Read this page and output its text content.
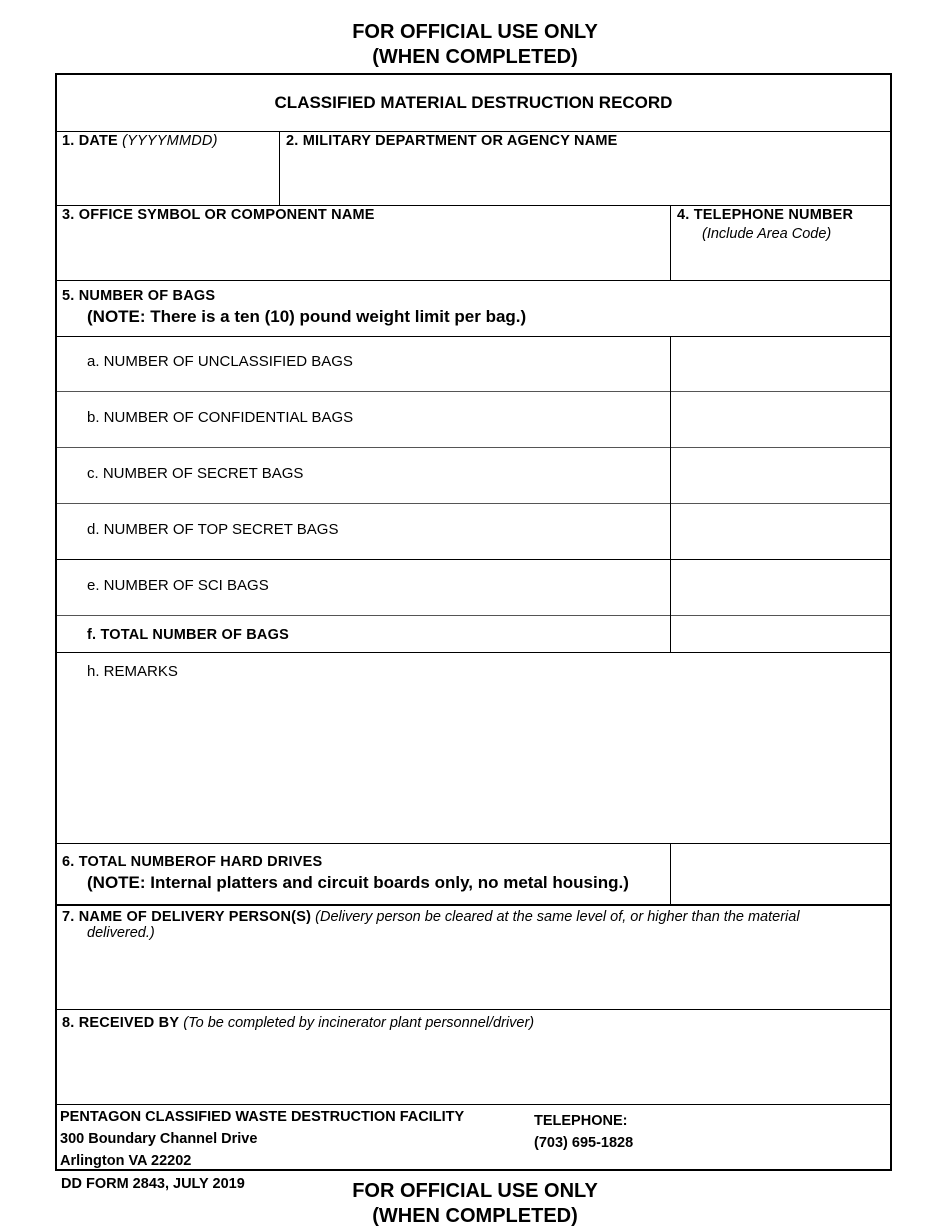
FOR OFFICIAL USE ONLY
(WHEN COMPLETED)
CLASSIFIED MATERIAL DESTRUCTION RECORD
1. DATE (YYYYMMDD)	2. MILITARY DEPARTMENT OR AGENCY NAME
3. OFFICE SYMBOL OR COMPONENT NAME	4. TELEPHONE NUMBER
(Include Area Code)
5. NUMBER OF BAGS
(NOTE: There is a ten (10) pound weight limit per bag.)
a. NUMBER OF UNCLASSIFIED BAGS
b. NUMBER OF CONFIDENTIAL BAGS
c. NUMBER OF SECRET BAGS
d. NUMBER OF TOP SECRET BAGS
e. NUMBER OF SCI BAGS
f. TOTAL NUMBER OF BAGS
h. REMARKS
6. TOTAL NUMBEROF HARD DRIVES
(NOTE: Internal platters and circuit boards only, no metal housing.)
7. NAME OF DELIVERY PERSON(S) (Delivery person be cleared at the same level of, or higher than the material
delivered.)
8. RECEIVED BY (To be completed by incinerator plant personnel/driver)
PENTAGON CLASSIFIED WASTE DESTRUCTION FACILITY
300 Boundary Channel Drive
Arlington VA 22202
TELEPHONE:
(703) 695-1828
DD FORM 2843, JULY 2019	FOR OFFICIAL USE ONLY
(WHEN COMPLETED)
